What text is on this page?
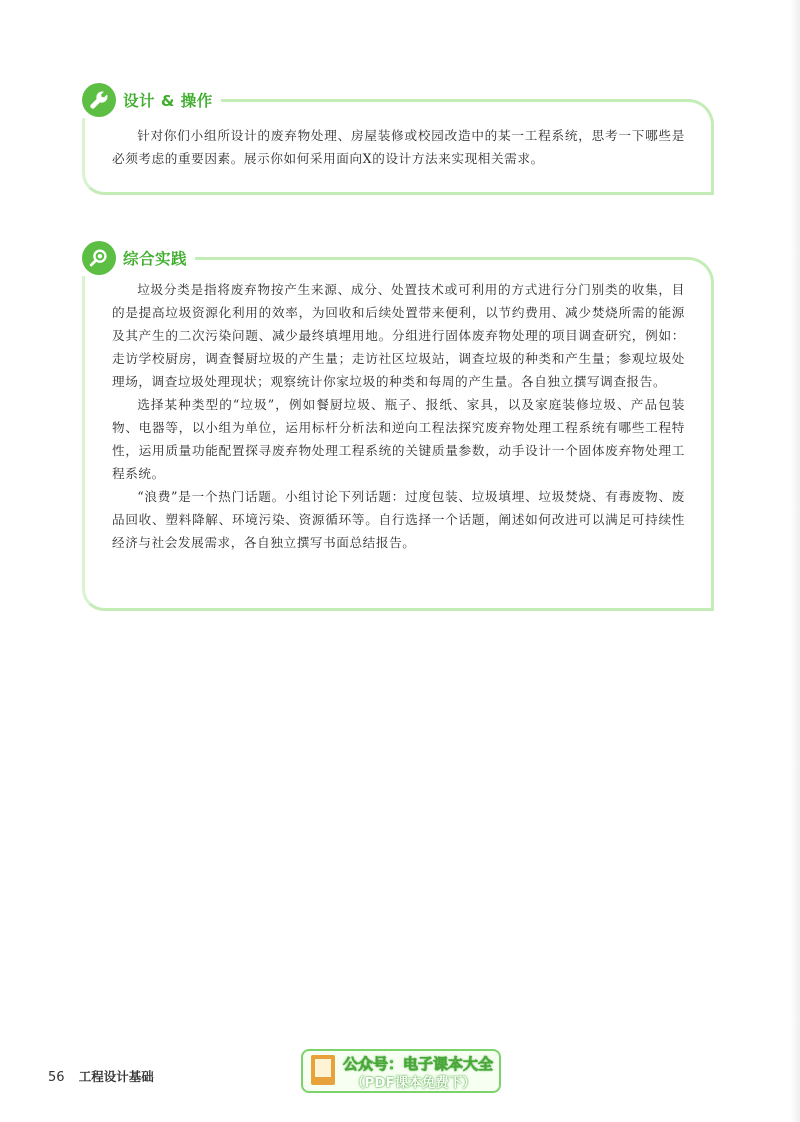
设计 & 操作

针对你们小组所设计的废弃物处理、房屋装修或校园改造中的某一工程系统，思考一下哪些是必须考虑的重要因素。展示你如何采用面向X的设计方法来实现相关需求。

综合实践

垃圾分类是指将废弃物按产生来源、成分、处置技术或可利用的方式进行分门别类的收集，目的是提高垃圾资源化利用的效率，为回收和后续处置带来便利，以节约费用、减少焚烧所需的能源及其产生的二次污染问题、减少最终填埋用地。分组进行固体废弃物处理的项目调查研究，例如：走访学校厨房，调查餐厨垃圾的产生量；走访社区垃圾站，调查垃圾的种类和产生量；参观垃圾处理场，调查垃圾处理现状；观察统计你家垃圾的种类和每周的产生量。各自独立撰写调查报告。

选择某种类型的“垃圾”，例如餐厨垃圾、瓶子、报纸、家具，以及家庭装修垃圾、产品包装物、电器等，以小组为单位，运用标杆分析法和逆向工程法探究废弃物处理工程系统有哪些工程特性，运用质量功能配置探寻废弃物处理工程系统的关键质量参数，动手设计一个固体废弃物处理工程系统。

“浪费”是一个热门话题。小组讨论下列话题：过度包装、垃圾填埋、垃圾焚烧、有毒废物、废品回收、塑料降解、环境污染、资源循环等。自行选择一个话题，阐述如何改进可以满足可持续性经济与社会发展需求，各自独立撰写书面总结报告。

56 工程设计基础
公众号：电子课本大全
（PDF课本免费下）
